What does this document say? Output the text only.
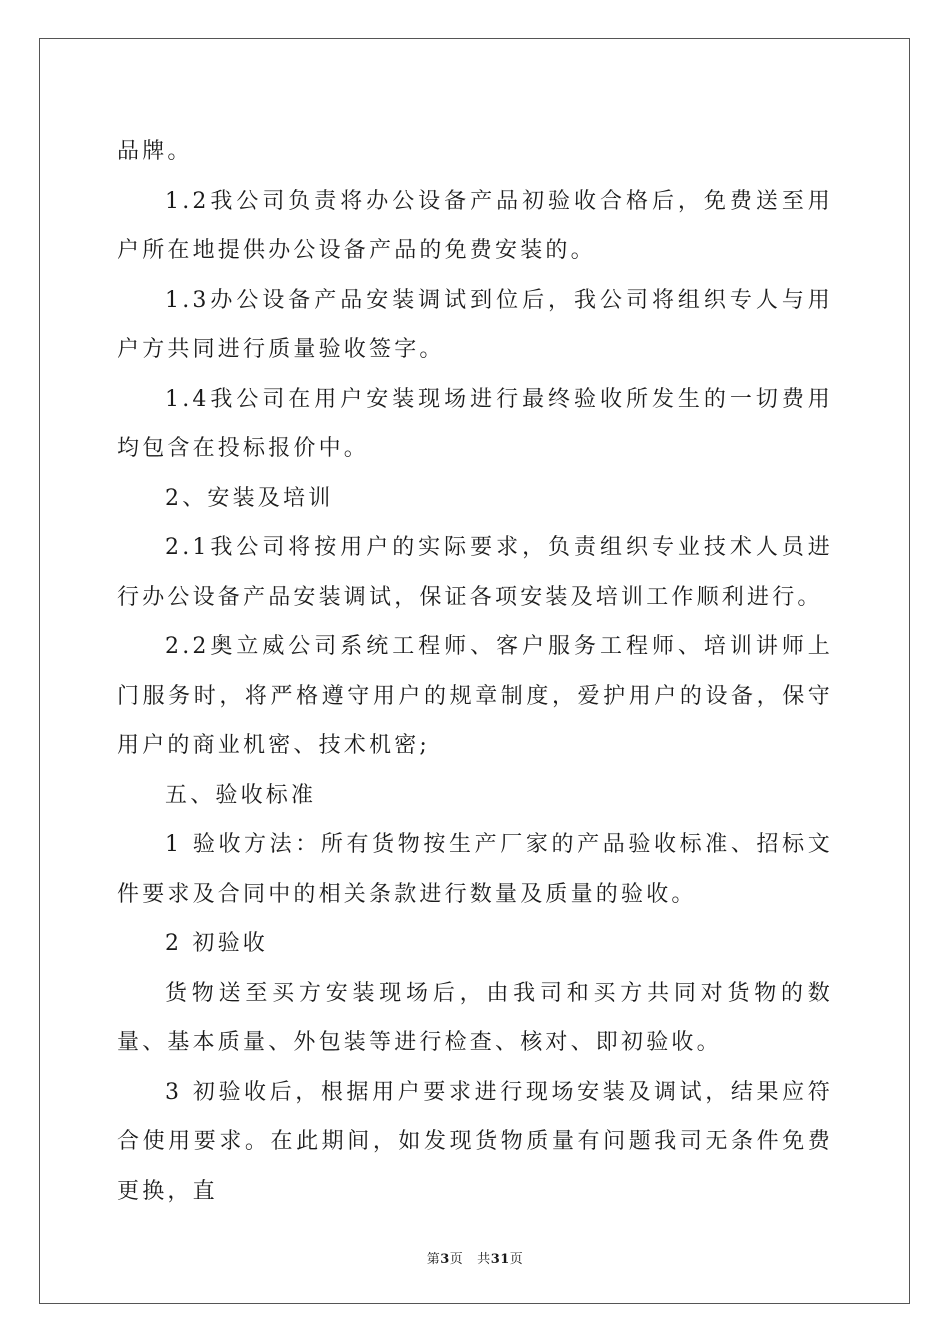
品牌。

1.2我公司负责将办公设备产品初验收合格后，免费送至用户所在地提供办公设备产品的免费安装的。

1.3办公设备产品安装调试到位后，我公司将组织专人与用户方共同进行质量验收签字。

1.4我公司在用户安装现场进行最终验收所发生的一切费用均包含在投标报价中。

2、安装及培训

2.1我公司将按用户的实际要求，负责组织专业技术人员进行办公设备产品安装调试，保证各项安装及培训工作顺利进行。

2.2奥立威公司系统工程师、客户服务工程师、培训讲师上门服务时，将严格遵守用户的规章制度，爱护用户的设备，保守用户的商业机密、技术机密;

五、验收标准

1 验收方法：所有货物按生产厂家的产品验收标准、招标文件要求及合同中的相关条款进行数量及质量的验收。

2 初验收

货物送至买方安装现场后，由我司和买方共同对货物的数量、基本质量、外包装等进行检查、核对、即初验收。

3 初验收后，根据用户要求进行现场安装及调试，结果应符合使用要求。在此期间，如发现货物质量有问题我司无条件免费更换，直

第3页 共31页
